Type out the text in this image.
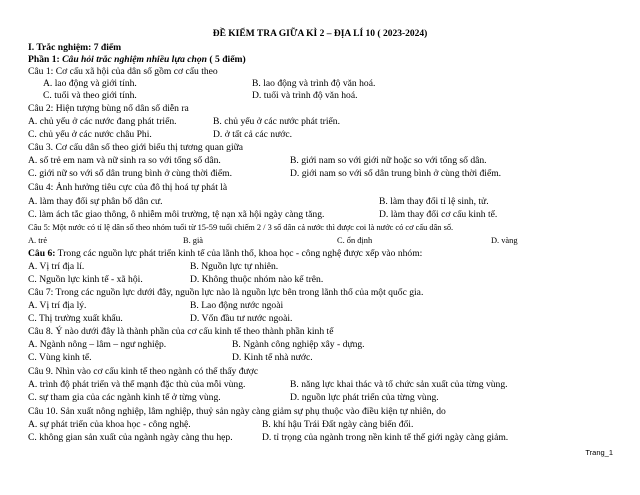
ĐỀ KIỂM TRA GIỮA KÌ 2 – ĐỊA LÍ 10 ( 2023-2024)
I. Trắc nghiệm: 7 điểm
Phần 1: Câu hỏi trắc nghiệm nhiều lựa chọn ( 5 điểm)
Câu 1: Cơ cấu xã hội của dân số gồm cơ cấu theo
A. lao động và giới tính.	B. lao động và trình độ văn hoá.
C. tuổi và theo giới tính.	D. tuổi và trình độ văn hoá.
Câu 2: Hiện tượng bùng nổ dân số diễn ra
A. chủ yếu ở các nước đang phát triển.	B. chủ yếu ở các nước phát triển.
C. chủ yếu ở các nước châu Phi.	D. ở tất cả các nước.
Câu 3. Cơ cấu dân số theo giới biểu thị tương quan giữa
A. số trẻ em nam và nữ sinh ra so với tổng số dân.	B. giới nam so với giới nữ hoặc so với tổng số dân.
C. giới nữ so với số dân trung bình ở cùng thời điểm.	D. giới nam so với số dân trung bình ở cùng thời điểm.
Câu 4: Ảnh hưởng tiêu cực của đô thị hoá tự phát là
A. làm thay đổi sự phân bố dân cư.	B. làm thay đổi tỉ lệ sinh, tử.
C. làm ách tắc giao thông, ô nhiễm môi trường, tệ nạn xã hội ngày càng tăng.	D. làm thay đổi cơ cấu kinh tế.
Câu 5: Một nước có tỉ lệ dân số theo nhóm tuổi từ 15-59 tuổi chiếm 2 / 3 số dân cả nước thì được coi là nước có cơ cấu dân số.
A. trẻ	B. già	C. ổn định	D. vàng
Câu 6: Trong các nguồn lực phát triển kinh tế của lãnh thổ, khoa học - công nghệ được xếp vào nhóm:
A. Vị trí địa lí.	B. Nguồn lực tự nhiên.
C. Nguồn lực kinh tế - xã hội.	D. Không thuộc nhóm nào kể trên.
Câu 7: Trong các nguồn lực dưới đây, nguồn lực nào là nguồn lực bên trong lãnh thổ của một quốc gia.
A. Vị trí địa lý.	B. Lao động nước ngoài
C. Thị trường xuất khẩu.	D. Vốn đầu tư nước ngoài.
Câu 8. Ý nào dưới đây là thành phần của cơ cấu kinh tế theo thành phần kinh tế
A. Ngành nông – lâm – ngư nghiệp.	B. Ngành công nghiệp xây - dựng.
C. Vùng kinh tế.	D. Kinh tế nhà nước.
Câu 9. Nhìn vào cơ cấu kinh tế theo ngành có thể thấy được
A. trình độ phát triển và thế mạnh đặc thù của mỗi vùng.	B. năng lực khai thác và tổ chức sản xuất của từng vùng.
C. sự tham gia của các ngành kinh tế ở từng vùng.	D. nguồn lực phát triển của từng vùng.
Câu 10. Sản xuất nông nghiệp, lâm nghiệp, thuỷ sản ngày càng giảm sự phụ thuộc vào điều kiện tự nhiên, do
A. sự phát triển của khoa học - công nghệ.	B. khí hậu Trái Đất ngày càng biến đổi.
C. không gian sản xuất của ngành ngày càng thu hẹp.	D. tỉ trọng của ngành trong nền kinh tế thế giới ngày càng giảm.
Trang_1
